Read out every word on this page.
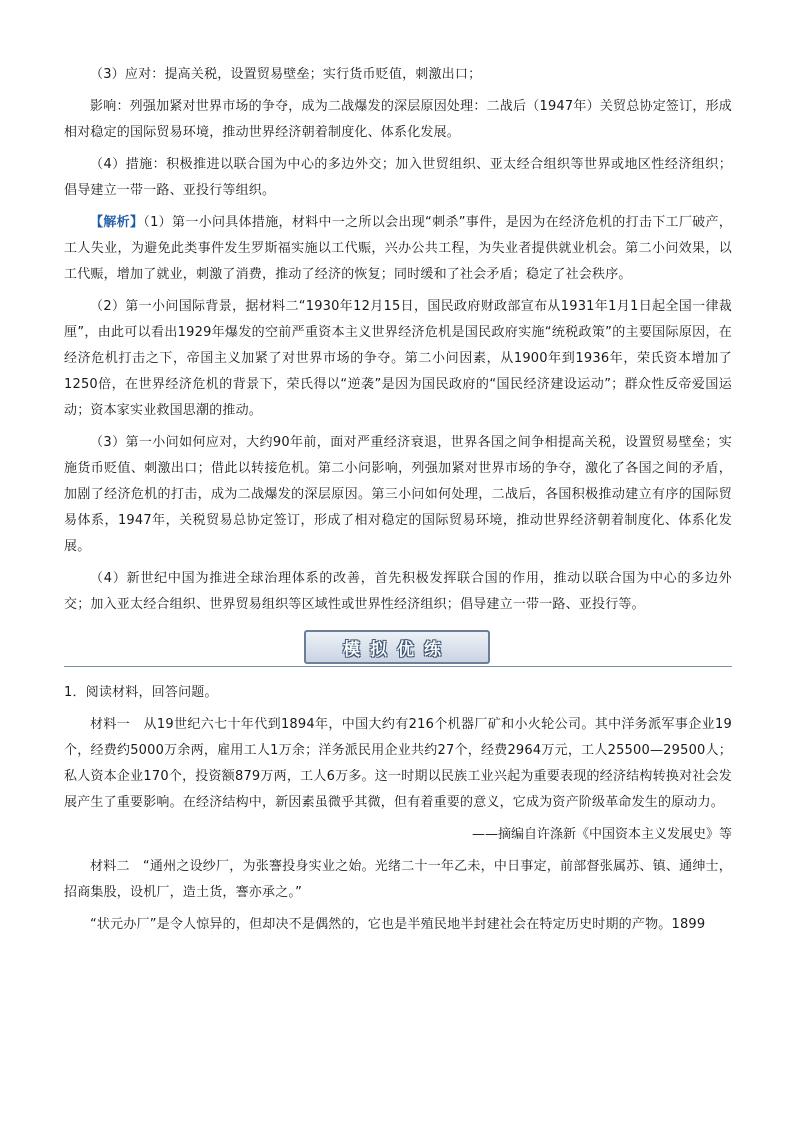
（3）应对：提高关税，设置贸易壁垒；实行货币贬值，刺激出口；

影响：列强加紧对世界市场的争夺，成为二战爆发的深层原因处理：二战后（1947年）关贸总协定签订，形成相对稳定的国际贸易环境，推动世界经济朝着制度化、体系化发展。

（4）措施：积极推进以联合国为中心的多边外交；加入世贸组织、亚太经合组织等世界或地区性经济组织；倡导建立一带一路、亚投行等组织。

【解析】（1）第一小问具体措施，材料中一之所以会出现“刺杀”事件，是因为在经济危机的打击下工厂破产，工人失业，为避免此类事件发生罗斯福实施以工代赈，兴办公共工程，为失业者提供就业机会。第二小问效果，以工代赈，增加了就业，刺激了消费，推动了经济的恢复；同时缓和了社会矛盾；稳定了社会秩序。

（2）第一小问国际背景，据材料二“1930年12月15日，国民政府财政部宣布从1931年1月1日起全国一律裁厘”，由此可以看出1929年爆发的空前严重资本主义世界经济危机是国民政府实施“统税政策”的主要国际原因，在经济危机打击之下，帝国主义加紧了对世界市场的争夺。第二小问因素，从1900年到1936年，荣氏资本增加了1250倍，在世界经济危机的背景下，荣氏得以“逆袭”是因为国民政府的“国民经济建设运动”；群众性反帝爱国运动；资本家实业救国思潮的推动。

（3）第一小问如何应对，大约90年前，面对严重经济衰退，世界各国之间争相提高关税，设置贸易壁垒；实施货币贬值、刺激出口；借此以转接危机。第二小问影响，列强加紧对世界市场的争夺，激化了各国之间的矛盾，加剧了经济危机的打击，成为二战爆发的深层原因。第三小问如何处理，二战后，各国积极推动建立有序的国际贸易体系，1947年，关税贸易总协定签订，形成了相对稳定的国际贸易环境，推动世界经济朝着制度化、体系化发展。

（4）新世纪中国为推进全球治理体系的改善，首先积极发挥联合国的作用，推动以联合国为中心的多边外交；加入亚太经合组织、世界贸易组织等区域性或世界性经济组织；倡导建立一带一路、亚投行等。

模拟优练

1．阅读材料，回答问题。

材料一　从19世纪六七十年代到1894年，中国大约有216个机器厂矿和小火轮公司。其中洋务派军事企业19个，经费约5000万余两，雇用工人1万余；洋务派民用企业共约27个，经费2964万元，工人25500—29500人；私人资本企业170个，投资额879万两，工人6万多。这一时期以民族工业兴起为重要表现的经济结构转换对社会发展产生了重要影响。在经济结构中，新因素虽微乎其微，但有着重要的意义，它成为资产阶级革命发生的原动力。

——摘编自许涤新《中国资本主义发展史》等

材料二　“通州之设纱厂，为张謇投身实业之始。光绪二十一年乙未，中日事定，前部督张属苏、镇、通绅士，招商集股，设机厂，造土货，謇亦承之。”

“状元办厂”是令人惊异的，但却决不是偶然的，它也是半殖民地半封建社会在特定历史时期的产物。1899
